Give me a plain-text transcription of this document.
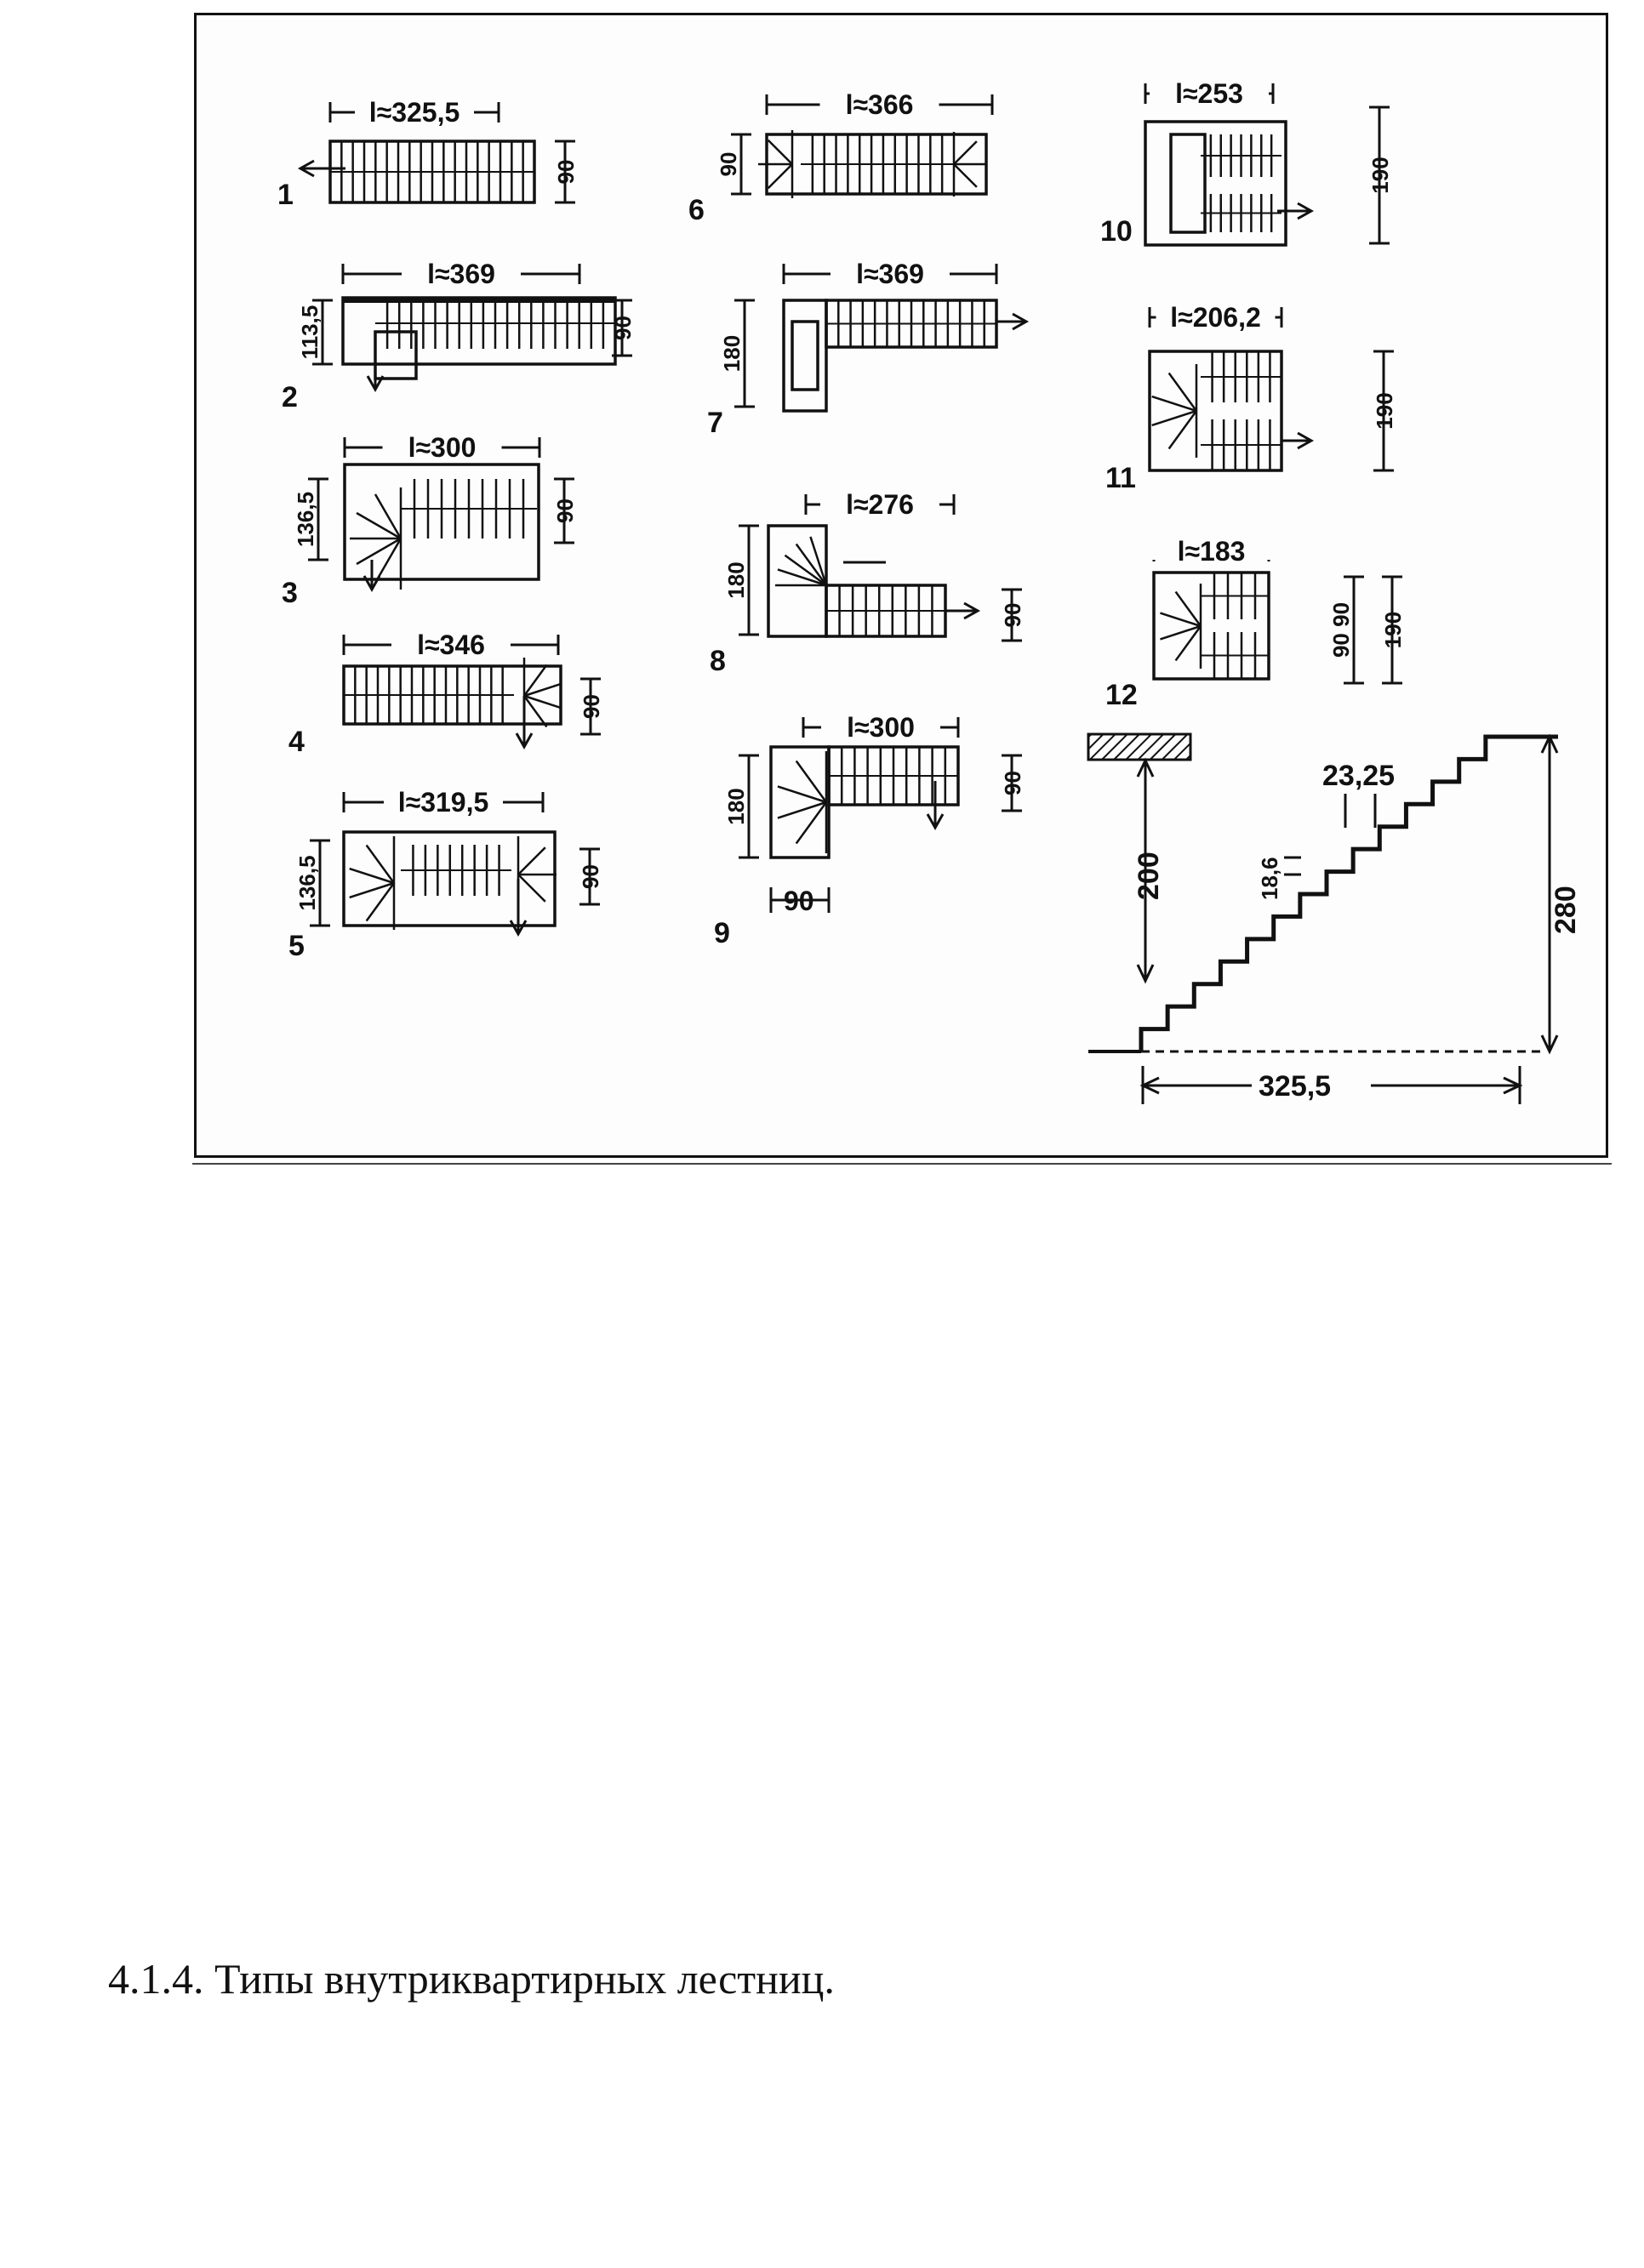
l≈325,5
90
1
l≈369
113,5	90
2
l≈300
136,5	90
3
l≈346
90
4
l≈319,5
136,5	90
5
l≈366
90
6
l≈369
180
7
l≈276
180
90
8
l≈300
180
90
90
9
l≈253
190
10
l≈206,2
190
11
l≈183
90 90 190
12
200
280
325,5
23,25
18,6
4.1.4. Типы внутриквартирных лестниц.
